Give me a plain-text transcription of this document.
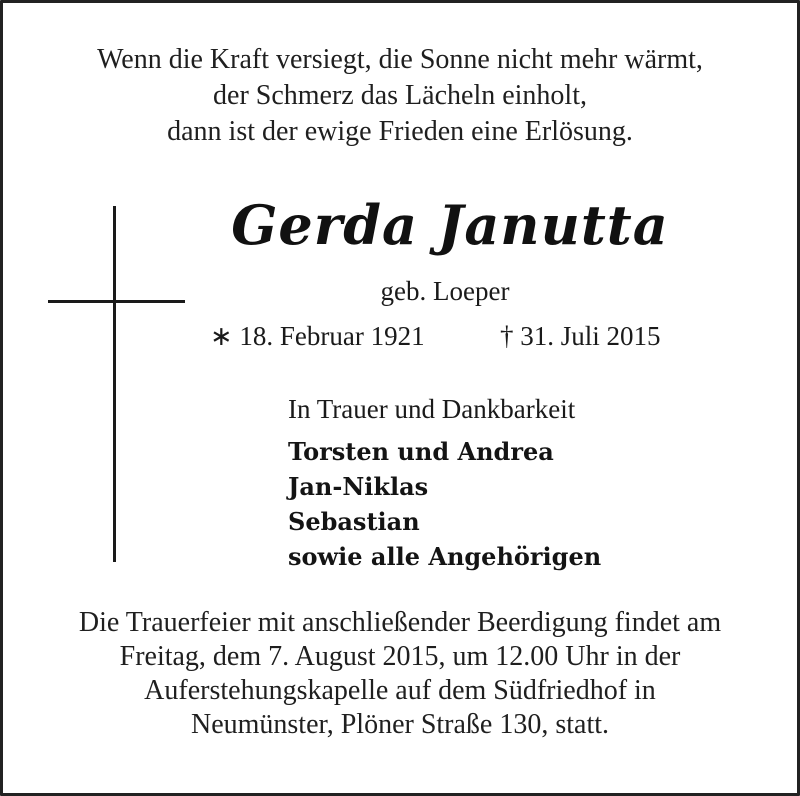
Wenn die Kraft versiegt, die Sonne nicht mehr wärmt,
der Schmerz das Lächeln einholt,
dann ist der ewige Frieden eine Erlösung.
Gerda Janutta
geb. Loeper
∗ 18. Februar 1921	† 31. Juli 2015
In Trauer und Dankbarkeit
Torsten und Andrea
Jan-Niklas
Sebastian
sowie alle Angehörigen
Die Trauerfeier mit anschließender Beerdigung findet am
Freitag, dem 7. August 2015, um 12.00 Uhr in der
Auferstehungskapelle auf dem Südfriedhof in
Neumünster, Plöner Straße 130, statt.
